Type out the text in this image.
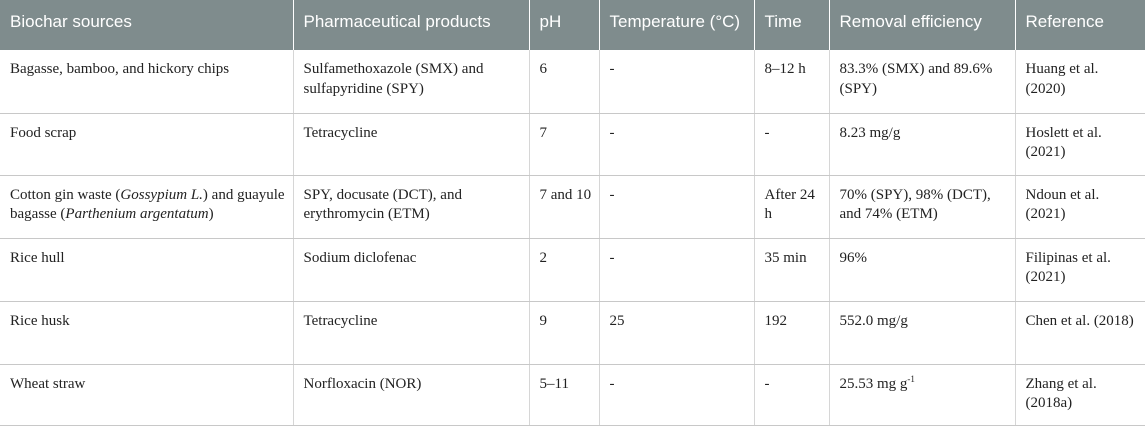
Biochar sources	Pharmaceutical products	pH	Temperature (°C)	Time	Removal efficiency	Reference
Bagasse, bamboo, and hickory chips	Sulfamethoxazole (SMX) and sulfapyridine (SPY)	6	-	8–12 h	83.3% (SMX) and 89.6% (SPY)	Huang et al. (2020)
Food scrap	Tetracycline	7	-	-	8.23 mg/g	Hoslett et al. (2021)
Cotton gin waste (Gossypium L.) and guayule bagasse (Parthenium argentatum)	SPY, docusate (DCT), and erythromycin (ETM)	7 and 10	-	After 24 h	70% (SPY), 98% (DCT), and 74% (ETM)	Ndoun et al. (2021)
Rice hull	Sodium diclofenac	2	-	35 min	96%	Filipinas et al. (2021)
Rice husk	Tetracycline	9	25	192	552.0 mg/g	Chen et al. (2018)
Wheat straw	Norfloxacin (NOR)	5–11	-	-	25.53 mg $g^{-1}$	Zhang et al. (2018a)
